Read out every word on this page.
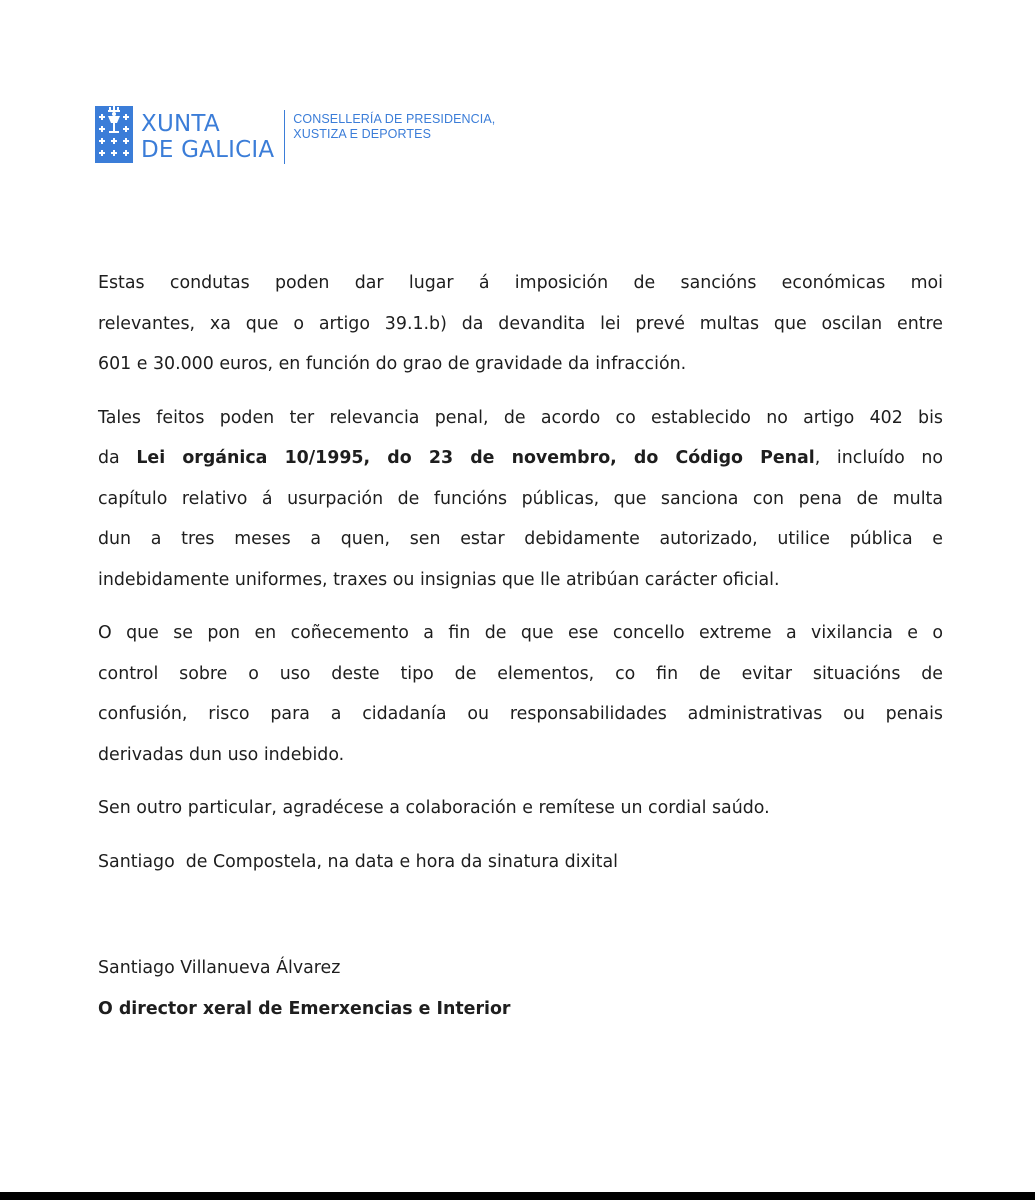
XUNTA
DE GALICIA
CONSELLERÍA DE PRESIDENCIA,
XUSTIZA E DEPORTES
Estas condutas poden dar lugar á imposición de sancións económicas moi
relevantes, xa que o artigo 39.1.b) da devandita lei prevé multas que oscilan entre
601 e 30.000 euros, en función do grao de gravidade da infracción.
Tales feitos poden ter relevancia penal, de acordo co establecido no artigo 402 bis
da Lei orgánica 10/1995, do 23 de novembro, do Código Penal, incluído no
capítulo relativo á usurpación de funcións públicas, que sanciona con pena de multa
dun a tres meses a quen, sen estar debidamente autorizado, utilice pública e
indebidamente uniformes, traxes ou insignias que lle atribúan carácter oficial.
O que se pon en coñecemento a fin de que ese concello extreme a vixilancia e o
control sobre o uso deste tipo de elementos, co fin de evitar situacións de
confusión, risco para a cidadanía ou responsabilidades administrativas ou penais
derivadas dun uso indebido.
Sen outro particular, agradécese a colaboración e remítese un cordial saúdo.
Santiago  de Compostela, na data e hora da sinatura dixital
Santiago Villanueva Álvarez
O director xeral de Emerxencias e Interior
